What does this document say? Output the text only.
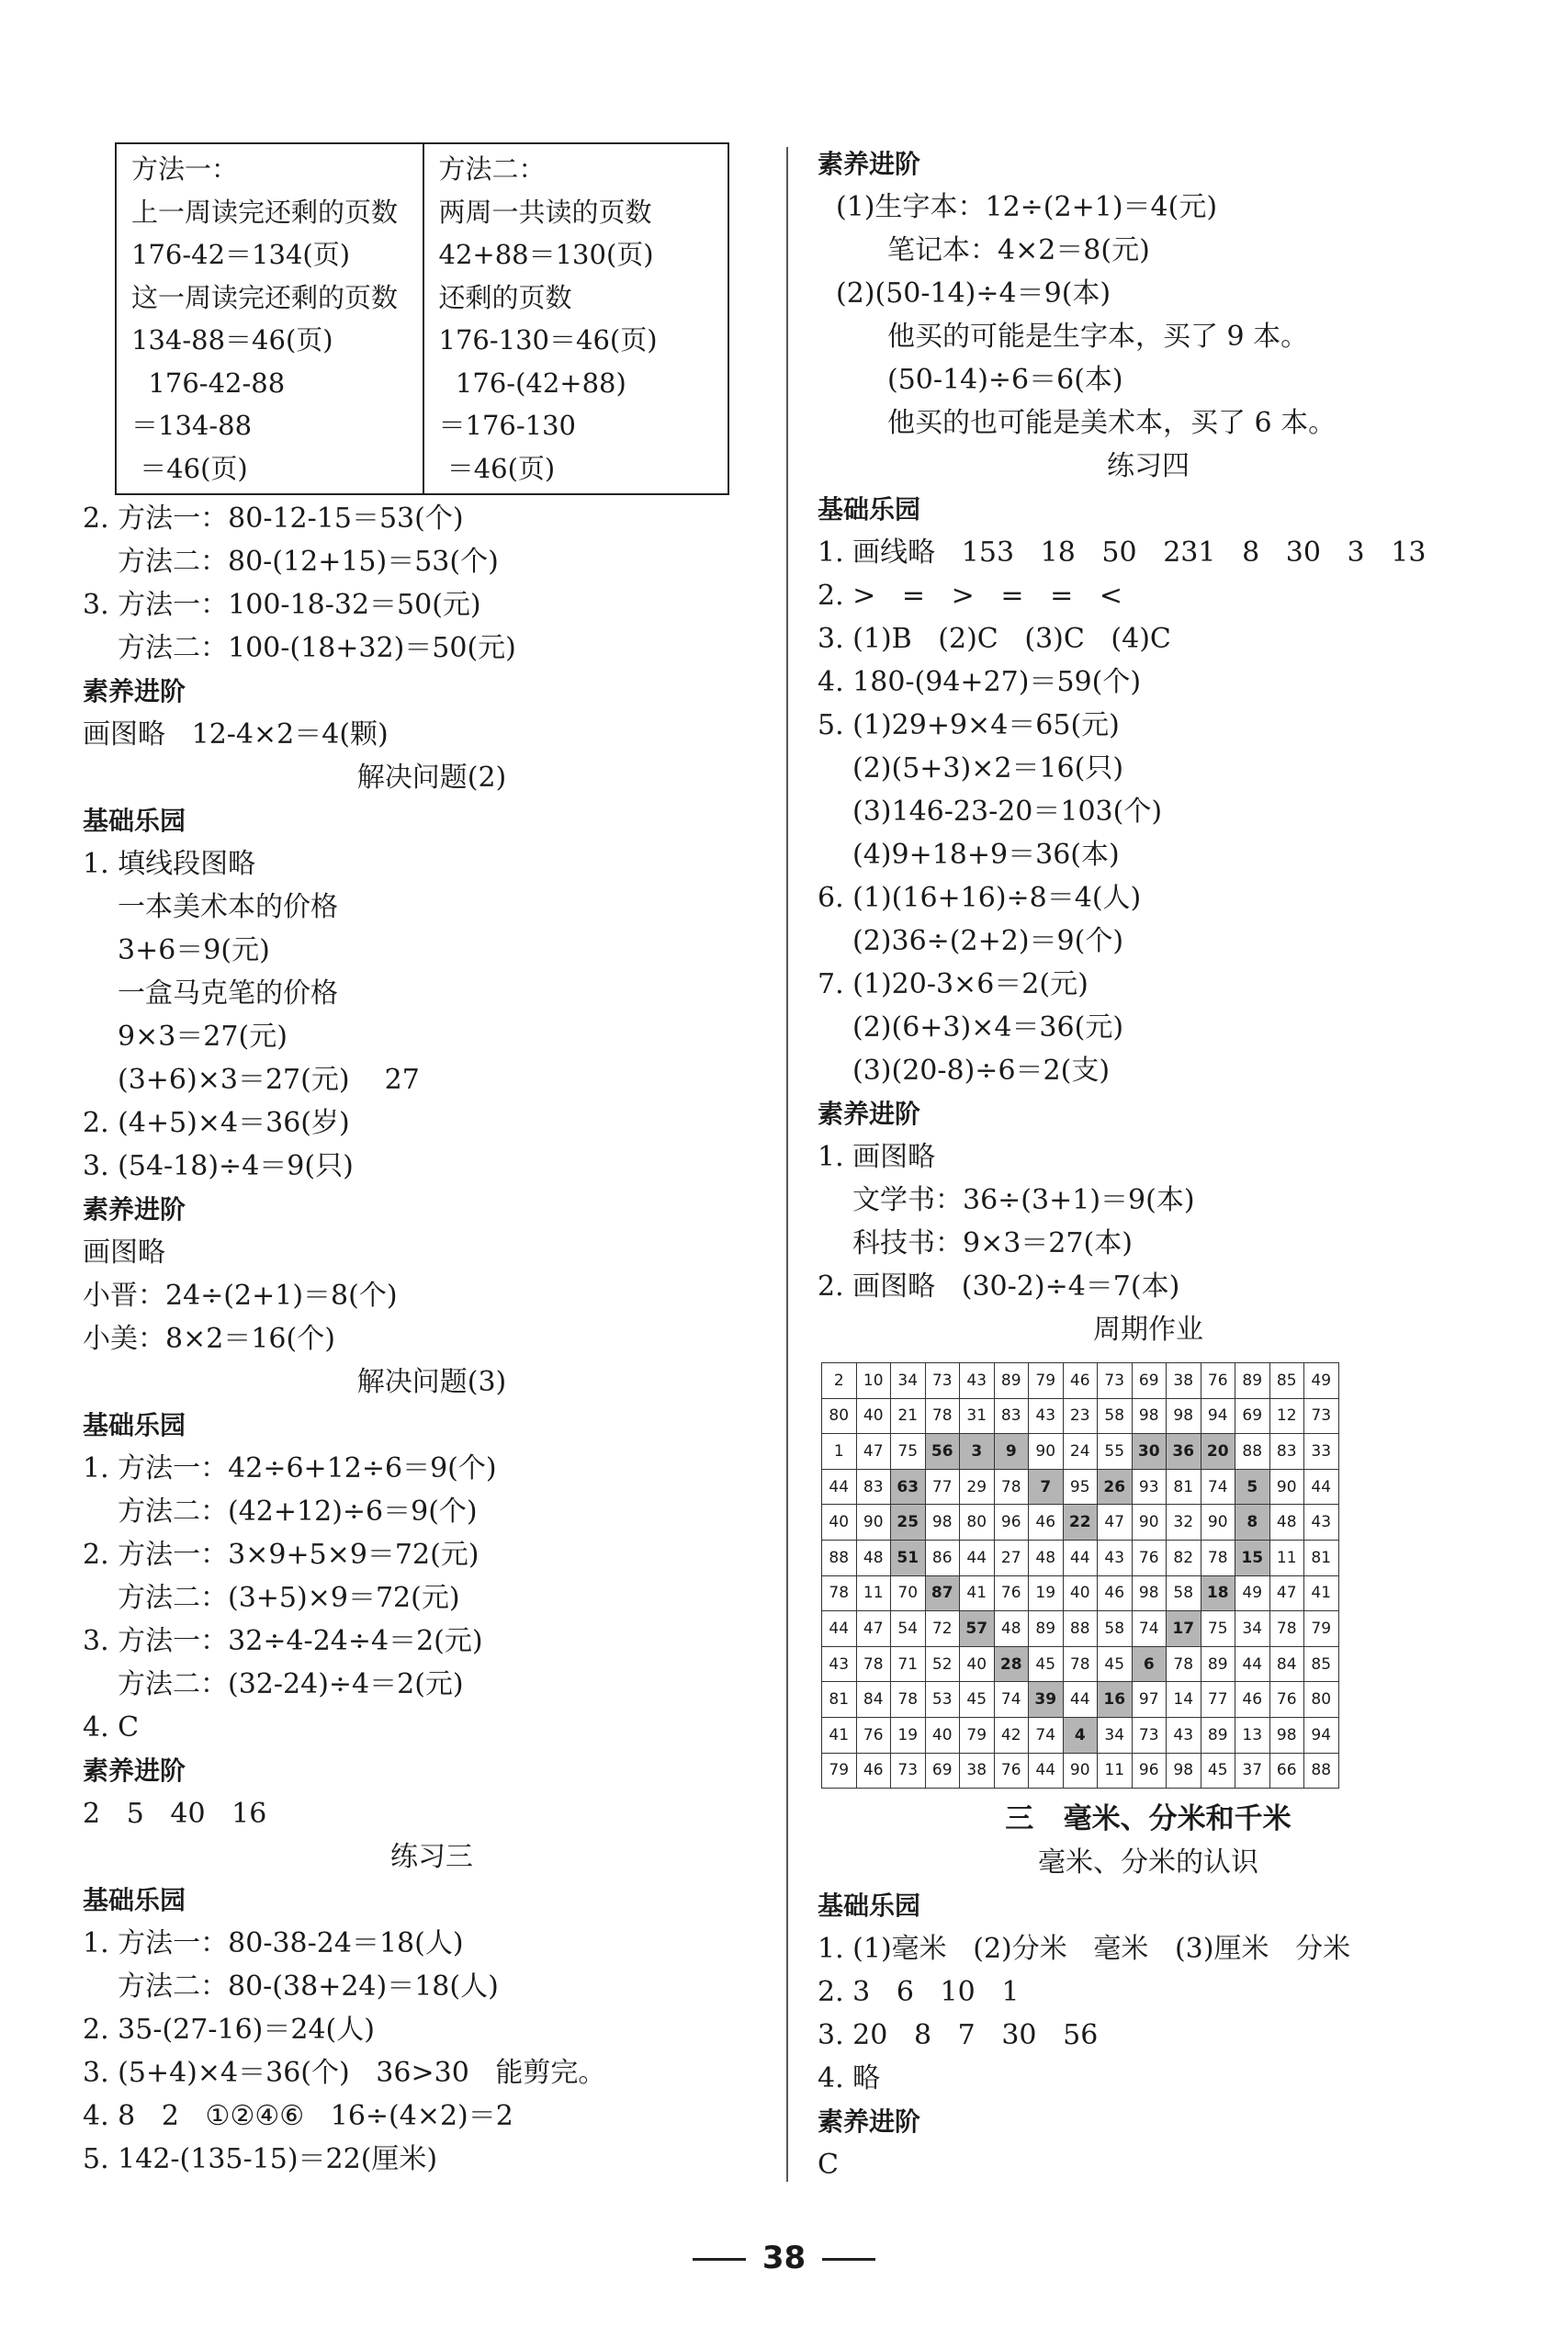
方法一：
上一周读完还剩的页数
176-42＝134(页)
这一周读完还剩的页数
134-88＝46(页)
176-42-88
＝134-88
＝46(页)
方法二：
两周一共读的页数
42+88＝130(页)
还剩的页数
176-130＝46(页)
176-(42+88)
＝176-130
＝46(页)
2. 方法一：80-12-15＝53(个)
方法二：80-(12+15)＝53(个)
3. 方法一：100-18-32＝50(元)
方法二：100-(18+32)＝50(元)
素养进阶
画图略   12-4×2＝4(颗)
解决问题(2)
基础乐园
1. 填线段图略
一本美术本的价格
3+6＝9(元)
一盒马克笔的价格
9×3＝27(元)
(3+6)×3＝27(元)    27
2. (4+5)×4＝36(岁)
3. (54-18)÷4＝9(只)
素养进阶
画图略
小晋：24÷(2+1)＝8(个)
小美：8×2＝16(个)
解决问题(3)
基础乐园
1. 方法一：42÷6+12÷6＝9(个)
方法二：(42+12)÷6＝9(个)
2. 方法一：3×9+5×9＝72(元)
方法二：(3+5)×9＝72(元)
3. 方法一：32÷4-24÷4＝2(元)
方法二：(32-24)÷4＝2(元)
4. C
素养进阶
2   5   40   16
练习三
基础乐园
1. 方法一：80-38-24＝18(人)
方法二：80-(38+24)＝18(人)
2. 35-(27-16)＝24(人)
3. (5+4)×4＝36(个)   36>30   能剪完。
4. 8   2   ①②④⑥   16÷(4×2)＝2
5. 142-(135-15)＝22(厘米)
素养进阶
(1)生字本：12÷(2+1)＝4(元)
笔记本：4×2＝8(元)
(2)(50-14)÷4＝9(本)
他买的可能是生字本，买了 9 本。
(50-14)÷6＝6(本)
他买的也可能是美术本，买了 6 本。
练习四
基础乐园
1. 画线略   153   18   50   231   8   30   3   13
2. >   =   >   =   =   <
3. (1)B   (2)C   (3)C   (4)C
4. 180-(94+27)＝59(个)
5. (1)29+9×4＝65(元)
(2)(5+3)×2＝16(只)
(3)146-23-20＝103(个)
(4)9+18+9＝36(本)
6. (1)(16+16)÷8＝4(人)
(2)36÷(2+2)＝9(个)
7. (1)20-3×6＝2(元)
(2)(6+3)×4＝36(元)
(3)(20-8)÷6＝2(支)
素养进阶
1. 画图略
文学书：36÷(3+1)＝9(本)
科技书：9×3＝27(本)
2. 画图略   (30-2)÷4＝7(本)
周期作业
2	10	34	73	43	89	79	46	73	69	38	76	89	85	49
80	40	21	78	31	83	43	23	58	98	98	94	69	12	73
1	47	75	56	3	9	90	24	55	30	36	20	88	83	33
44	83	63	77	29	78	7	95	26	93	81	74	5	90	44
40	90	25	98	80	96	46	22	47	90	32	90	8	48	43
88	48	51	86	44	27	48	44	43	76	82	78	15	11	81
78	11	70	87	41	76	19	40	46	98	58	18	49	47	41
44	47	54	72	57	48	89	88	58	74	17	75	34	78	79
43	78	71	52	40	28	45	78	45	6	78	89	44	84	85
81	84	78	53	45	74	39	44	16	97	14	77	46	76	80
41	76	19	40	79	42	74	4	34	73	43	89	13	98	94
79	46	73	69	38	76	44	90	11	96	98	45	37	66	88
三   毫米、分米和千米
毫米、分米的认识
基础乐园
1. (1)毫米   (2)分米   毫米   (3)厘米   分米
2. 3   6   10   1
3. 20   8   7   30   56
4. 略
素养进阶
C
38
